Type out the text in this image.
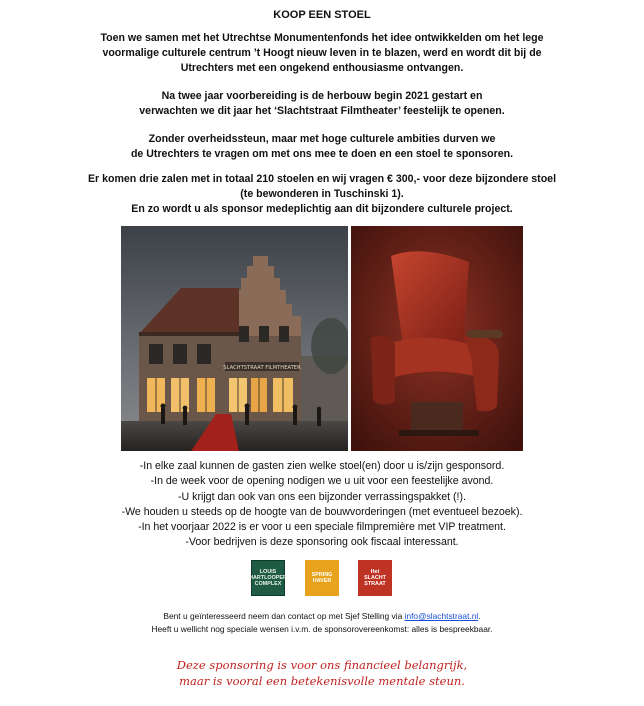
KOOP EEN STOEL
Toen we samen met het Utrechtse Monumentenfonds het idee ontwikkelden om het lege
voormalige culturele centrum ’t Hoogt nieuw leven in te blazen, werd en wordt dit bij de
Utrechters met een ongekend enthousiasme ontvangen.
Na twee jaar voorbereiding is de herbouw begin 2021 gestart en
verwachten we dit jaar het ‘Slachtstraat Filmtheater’ feestelijk te openen.
Zonder overheidssteun, maar met hoge culturele ambities durven we
de Utrechters te vragen om met ons mee te doen en een stoel te sponsoren.
Er komen drie zalen met in totaal 210 stoelen en wij vragen € 300,- voor deze bijzondere stoel
(te bewonderen in Tuschinski 1).
En zo wordt u als sponsor medeplichtig aan dit bijzondere culturele project.
SLACHTSTRAAT FILMTHEATER
-In elke zaal kunnen de gasten zien welke stoel(en) door u is/zijn gesponsord.
-In de week voor de opening nodigen we u uit voor een feestelijke avond.
-U krijgt dan ook van ons een bijzonder verrassingspakket (!).
-We houden u steeds op de hoogte van de bouwvorderingen (met eventueel bezoek).
-In het voorjaar 2022 is er voor u een speciale filmpremière met VIP treatment.
-Voor bedrijven is deze sponsoring ook fiscaal interessant.
LOUIS
HARTLOOPER
COMPLEX
SPRING
HAVER
Het
SLACHT
STRAAT
Bent u geïnteresseerd neem dan contact op met Sjef Stelling via info@slachtstraat.nl.
Heeft u wellicht nog speciale wensen i.v.m. de sponsorovereenkomst: alles is bespreekbaar.
Deze sponsoring is voor ons financieel belangrijk,
maar is vooral een betekenisvolle mentale steun.
